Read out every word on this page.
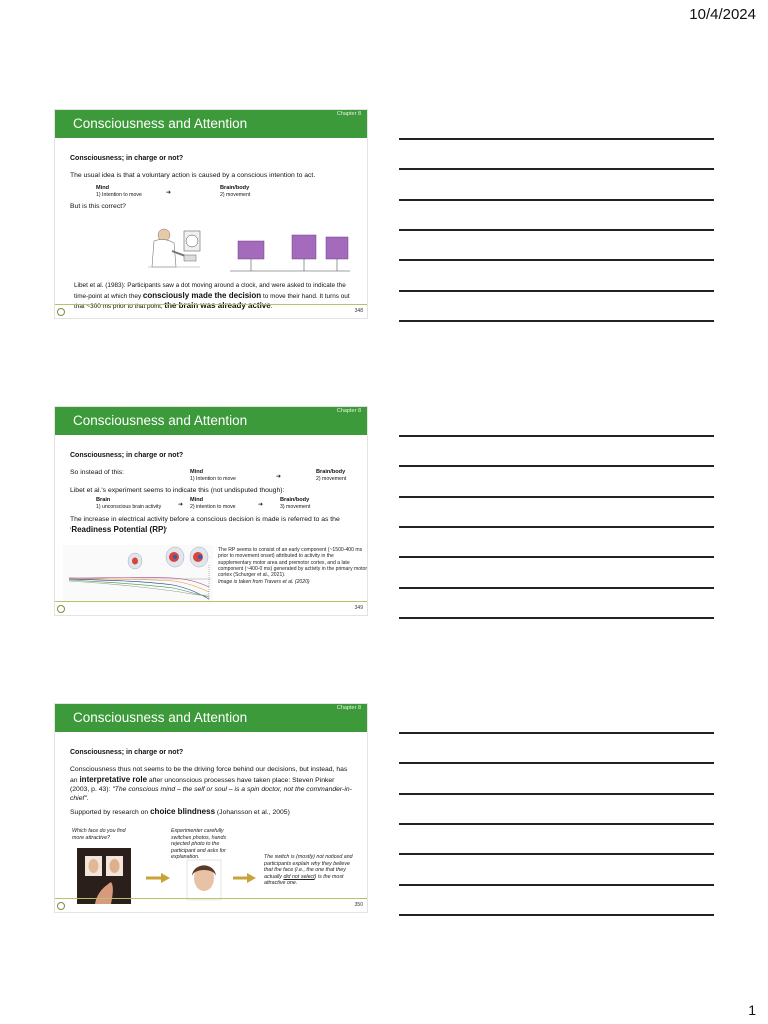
10/4/2024
Consciousness and Attention
Chapter 8
Consciousness; in charge or not?
The usual idea is that a voluntary action is caused by a conscious intention to act.
Mind
1) Intention to move	➔
Brain/body
2) movement
But is this correct?
Libet et al. (1983): Participants saw a dot moving around a clock, and were asked to indicate the time-point at which they consciously made the decision to move their hand. It turns out that ~300 ms prior to that point, the brain was already active.
348
Consciousness and Attention
Chapter 8
Consciousness; in charge or not?
So instead of this:	Mind
1) Intention to move	➔
Brain/body
2) movement
Libet et al.'s experiment seems to indicate this (not undisputed though):
Brain
1) unconscious brain activity	➔
Mind
2) intention to move	➔
Brain/body
3) movement
The increase in electrical activity before a conscious decision is made is referred to as the 'Readiness Potential (RP)'
The RP seems to consist of an early component (~1500-400 ms prior to movement onset) attributed to activity in the supplementary motor area and premotor cortex, and a late component (~400-0 ms) generated by activity in the primary motor cortex (Schurger et al., 2021).
Image is taken from Travers et al. (2020)
349
Consciousness and Attention
Chapter 8
Consciousness; in charge or not?
Consciousness thus not seems to be the driving force behind our decisions, but instead, has an interpretative role after unconscious processes have taken place: Steven Pinker (2003, p. 43): "The conscious mind – the self or soul – is a spin doctor, not the commander-in-chief".
Supported by research on choice blindness (Johansson et al., 2005)
Which face do you find more attractive?
Experimenter carefully switches photos, hands rejected photo to the participant and asks for explanation.	The switch is (mostly) not noticed and participants explain why they believe that the face (i.e., the one that they actually did not select) is the most attractive one.
350
1
